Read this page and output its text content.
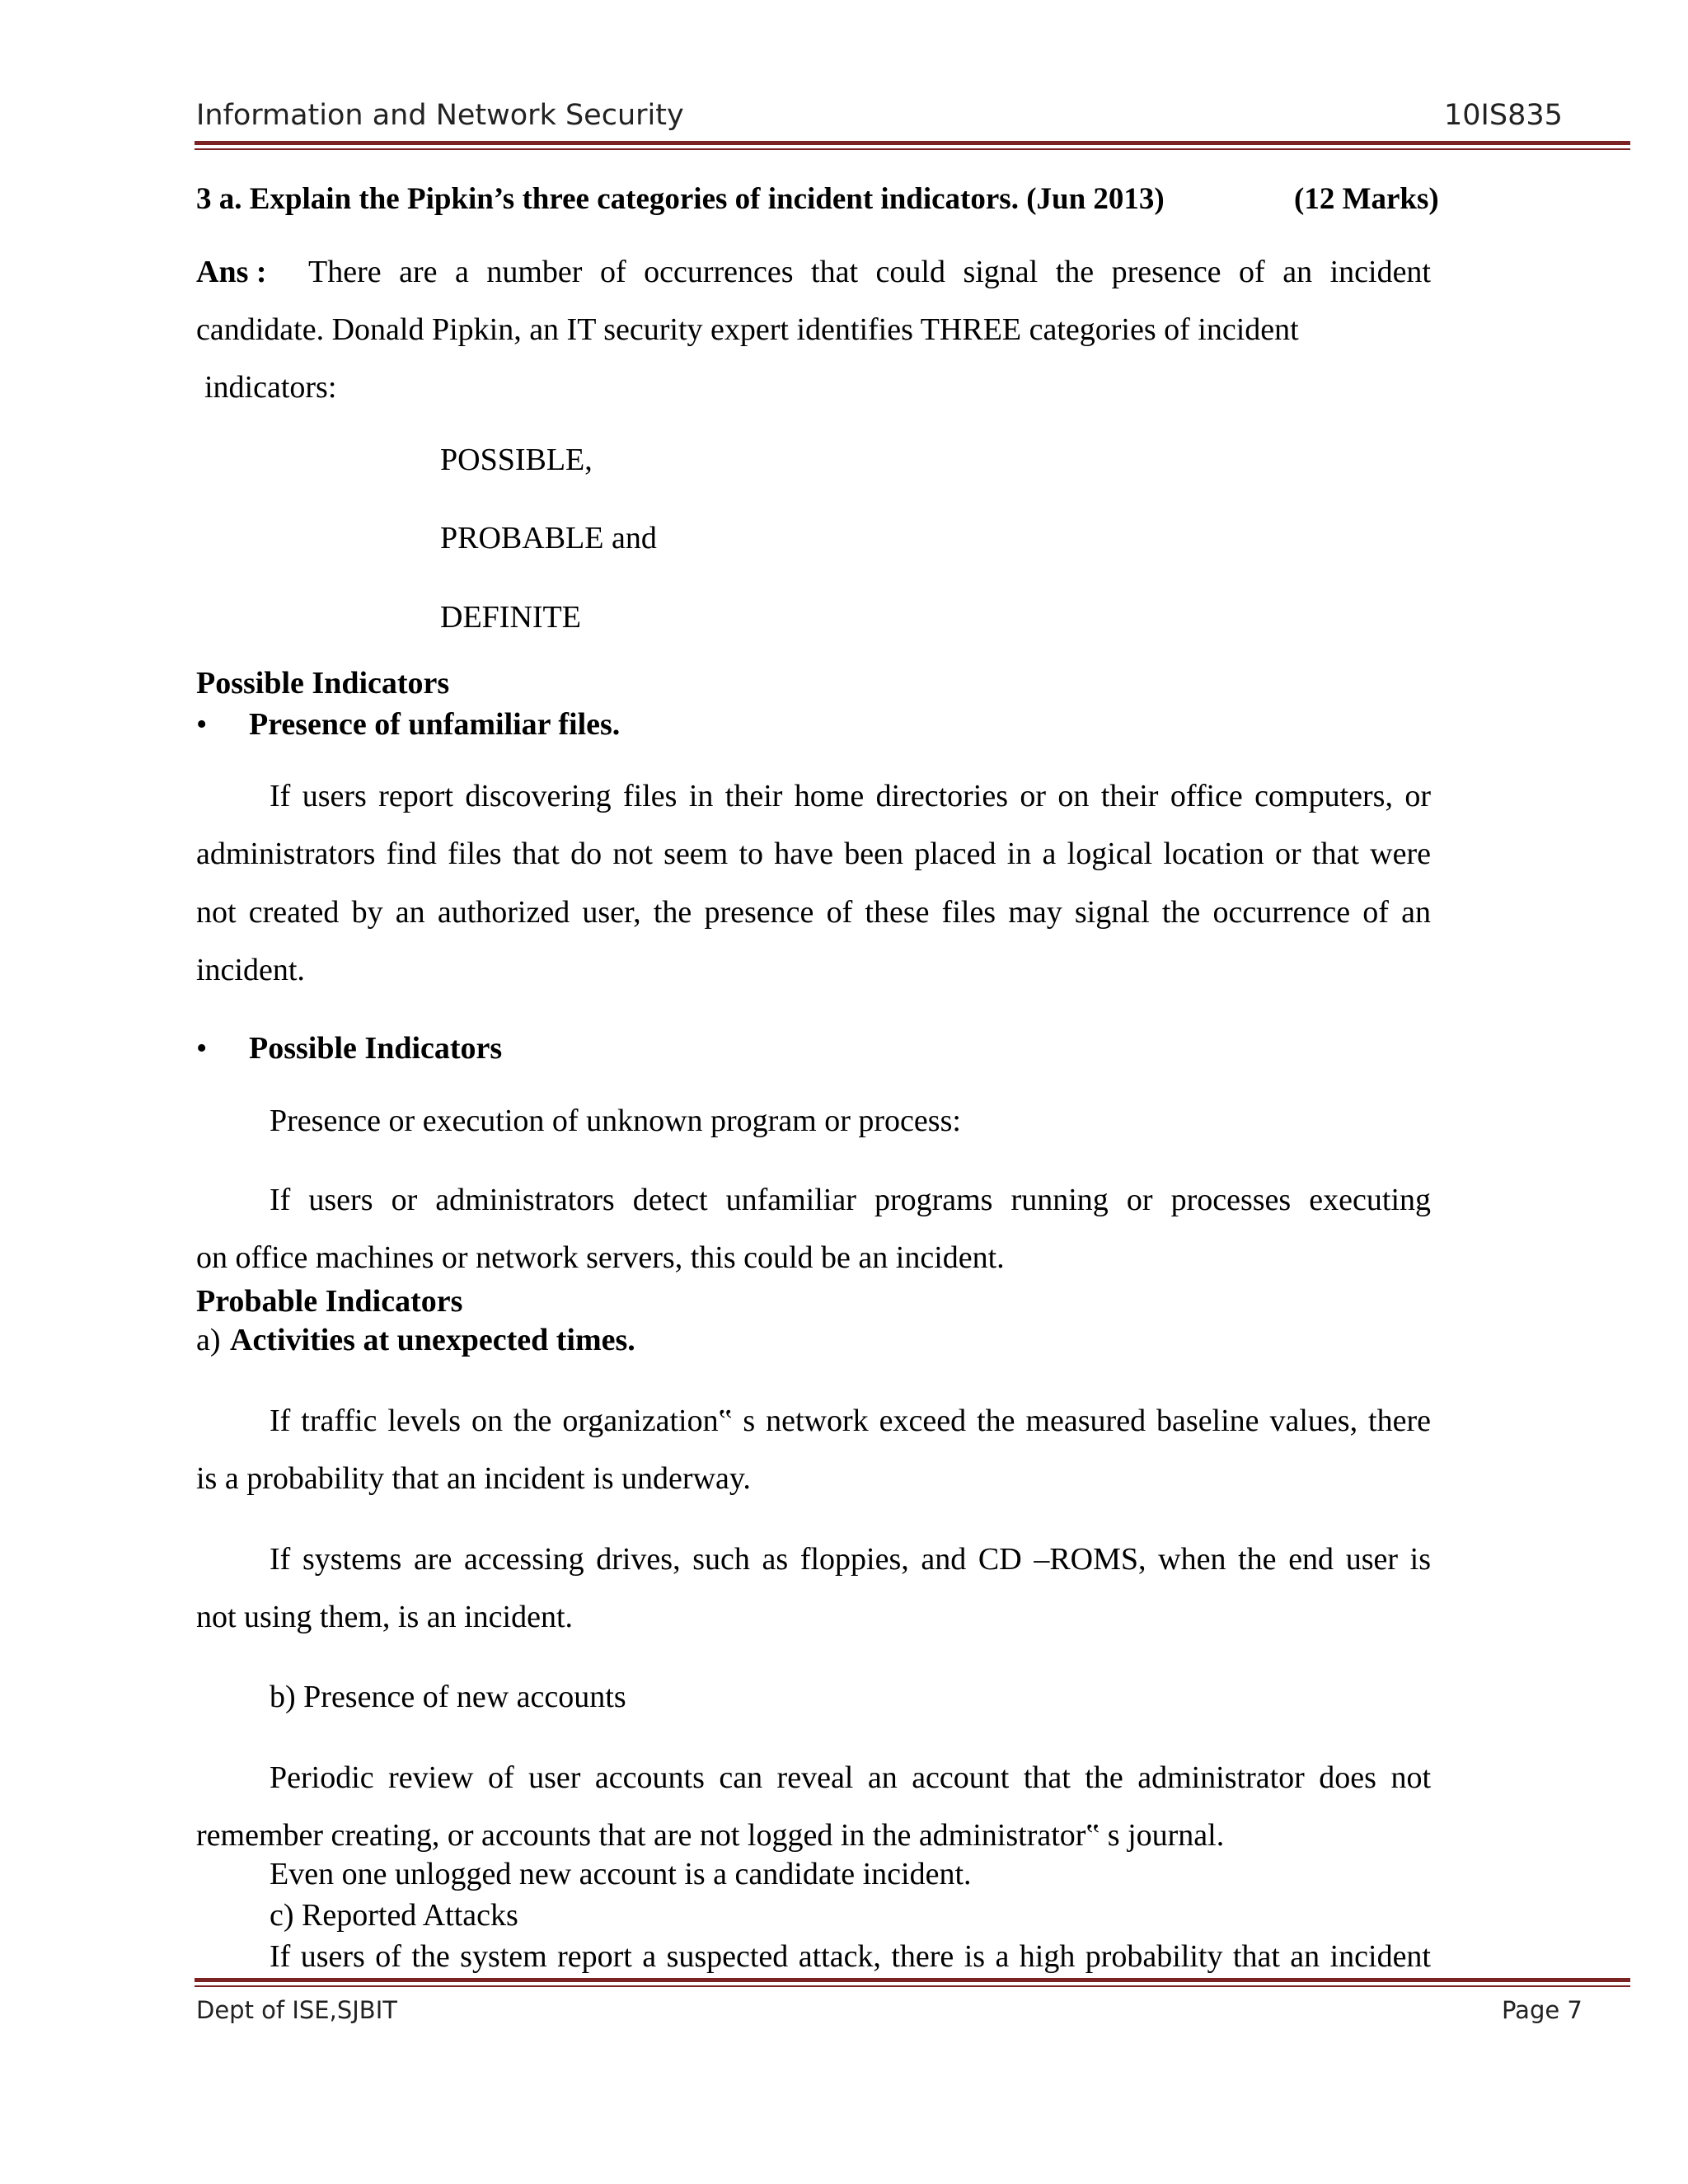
Information and Network Security	10IS835
3 a. Explain the Pipkin’s three categories of incident indicators. (Jun 2013)	(12 Marks)
Ans : There are a number of occurrences that could signal the presence of an incident
candidate. Donald Pipkin, an IT security expert identifies THREE categories of incident
indicators:
POSSIBLE,
PROBABLE and
DEFINITE
Possible Indicators
• Presence of unfamiliar files.
If users report discovering files in their home directories or on their office computers, or
administrators find files that do not seem to have been placed in a logical location or that were
not created by an authorized user, the presence of these files may signal the occurrence of an
incident.
• Possible Indicators
Presence or execution of unknown program or process:
If users or administrators detect unfamiliar programs running or processes executing
on office machines or network servers, this could be an incident.
Probable Indicators
a) Activities at unexpected times.
If traffic levels on the organization‟ s network exceed the measured baseline values, there
is a probability that an incident is underway.
If systems are accessing drives, such as floppies, and CD –ROMS, when the end user is
not using them, is an incident.
b) Presence of new accounts
Periodic review of user accounts can reveal an account that the administrator does not
remember creating, or accounts that are not logged in the administrator‟ s journal.
Even one unlogged new account is a candidate incident.
c) Reported Attacks
If users of the system report a suspected attack, there is a high probability that an incident
Dept of ISE,SJBIT	Page 7
